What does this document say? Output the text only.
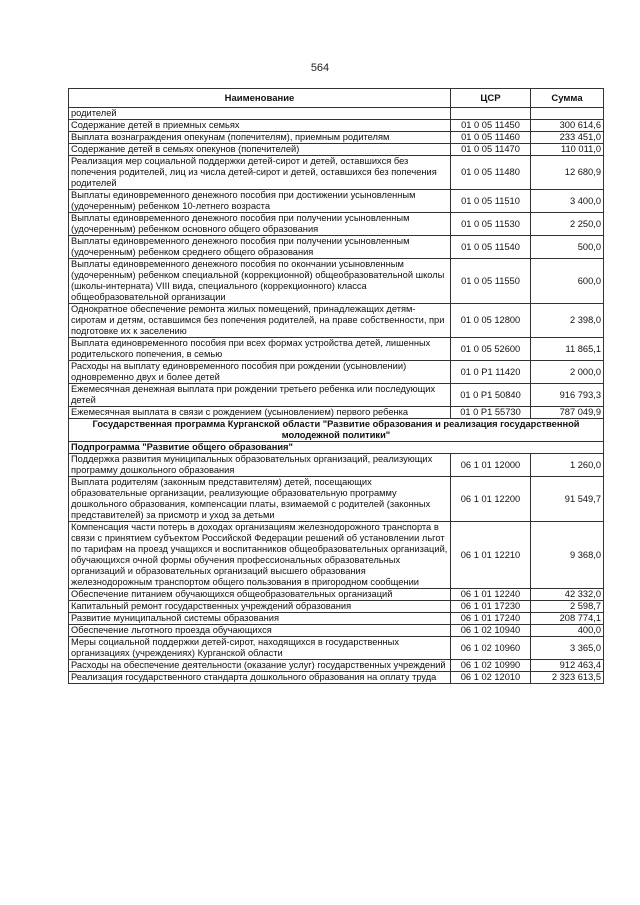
564
Наименование	ЦСР	Сумма
родителей		
Содержание детей в приемных семьях	01 0 05 11450	300 614,6
Выплата вознаграждения опекунам (попечителям), приемным родителям	01 0 05 11460	233 451,0
Содержание детей в семьях опекунов (попечителей)	01 0 05 11470	110 011,0
Реализация мер социальной поддержки детей-сирот и детей, оставшихся без попечения родителей, лиц из числа детей-сирот и детей, оставшихся без попечения родителей	01 0 05 11480	12 680,9
Выплаты единовременного денежного пособия при достижении усыновленным (удочеренным) ребенком 10-летнего возраста	01 0 05 11510	3 400,0
Выплаты единовременного денежного пособия при получении усыновленным (удочеренным) ребенком основного общего образования	01 0 05 11530	2 250,0
Выплаты единовременного денежного пособия при получении усыновленным (удочеренным) ребенком среднего общего образования	01 0 05 11540	500,0
Выплаты единовременного денежного пособия по окончании усыновленным (удочеренным) ребенком специальной (коррекционной) общеобразовательной школы (школы-интерната) VIII вида, специального (коррекционного) класса общеобразовательной организации	01 0 05 11550	600,0
Однократное обеспечение ремонта жилых помещений, принадлежащих детям-сиротам и детям, оставшимся без попечения родителей, на праве собственности, при подготовке их к заселению	01 0 05 12800	2 398,0
Выплата единовременного пособия при всех формах устройства детей, лишенных родительского попечения, в семью	01 0 05 52600	11 865,1
Расходы на выплату единовременного пособия при рождении (усыновлении) одновременно двух и более детей	01 0 P1 11420	2 000,0
Ежемесячная денежная выплата при рождении третьего ребенка или последующих детей	01 0 P1 50840	916 793,3
Ежемесячная выплата в связи с рождением (усыновлением) первого ребенка	01 0 P1 55730	787 049,9
Государственная программа Курганской области "Развитие образования и реализация государственной молодежной политики"		
Подпрограмма "Развитие общего образования"		
Поддержка развития муниципальных образовательных организаций, реализующих программу дошкольного образования	06 1 01 12000	1 260,0
Выплата родителям (законным представителям) детей, посещающих образовательные организации, реализующие образовательную программу дошкольного образования, компенсации платы, взимаемой с родителей (законных представителей) за присмотр и уход за детьми	06 1 01 12200	91 549,7
Компенсация части потерь в доходах организациям железнодорожного транспорта в связи с принятием субъектом Российской Федерации решений об установлении льгот по тарифам на проезд учащихся и воспитанников общеобразовательных организаций, обучающихся очной формы обучения профессиональных образовательных организаций и образовательных организаций высшего образования железнодорожным транспортом общего пользования в пригородном сообщении	06 1 01 12210	9 368,0
Обеспечение питанием обучающихся общеобразовательных организаций	06 1 01 12240	42 332,0
Капитальный ремонт государственных учреждений образования	06 1 01 17230	2 598,7
Развитие муниципальной системы образования	06 1 01 17240	208 774,1
Обеспечение льготного проезда обучающихся	06 1 02 10940	400,0
Меры социальной поддержки детей-сирот, находящихся в государственных организациях (учреждениях) Курганской области	06 1 02 10960	3 365,0
Расходы на обеспечение деятельности (оказание услуг) государственных учреждений	06 1 02 10990	912 463,4
Реализация государственного стандарта дошкольного образования на оплату труда	06 1 02 12010	2 323 613,5
